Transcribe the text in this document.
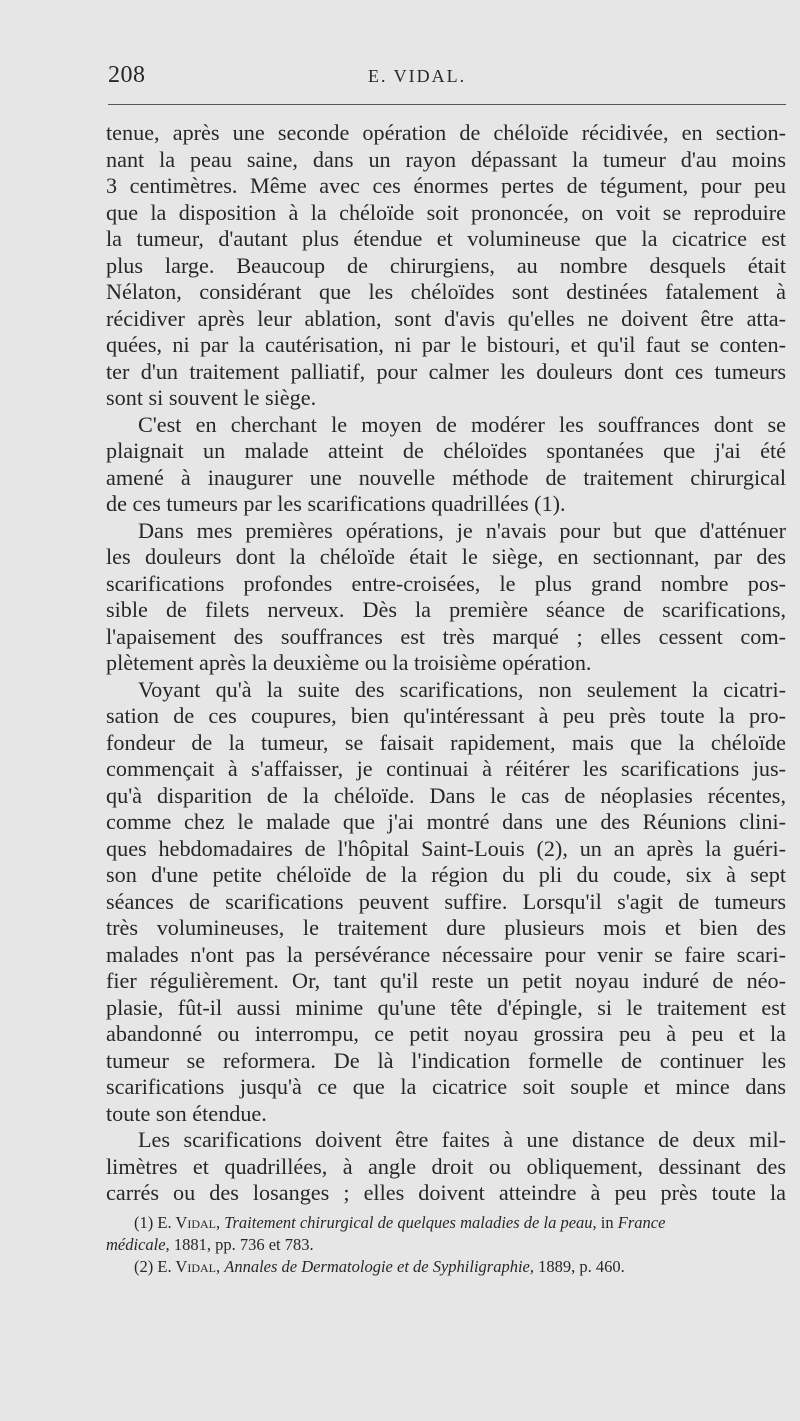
208	E. VIDAL.

tenue, après une seconde opération de chéloïde récidivée, en section-
nant la peau saine, dans un rayon dépassant la tumeur d'au moins
3 centimètres. Même avec ces énormes pertes de tégument, pour peu
que la disposition à la chéloïde soit prononcée, on voit se reproduire
la tumeur, d'autant plus étendue et volumineuse que la cicatrice est
plus large. Beaucoup de chirurgiens, au nombre desquels était
Nélaton, considérant que les chéloïdes sont destinées fatalement à
récidiver après leur ablation, sont d'avis qu'elles ne doivent être atta-
quées, ni par la cautérisation, ni par le bistouri, et qu'il faut se conten-
ter d'un traitement palliatif, pour calmer les douleurs dont ces tumeurs
sont si souvent le siège.

C'est en cherchant le moyen de modérer les souffrances dont se
plaignait un malade atteint de chéloïdes spontanées que j'ai été
amené à inaugurer une nouvelle méthode de traitement chirurgical
de ces tumeurs par les scarifications quadrillées (1).

Dans mes premières opérations, je n'avais pour but que d'atténuer
les douleurs dont la chéloïde était le siège, en sectionnant, par des
scarifications profondes entre-croisées, le plus grand nombre pos-
sible de filets nerveux. Dès la première séance de scarifications,
l'apaisement des souffrances est très marqué ; elles cessent com-
plètement après la deuxième ou la troisième opération.

Voyant qu'à la suite des scarifications, non seulement la cicatri-
sation de ces coupures, bien qu'intéressant à peu près toute la pro-
fondeur de la tumeur, se faisait rapidement, mais que la chéloïde
commençait à s'affaisser, je continuai à réitérer les scarifications jus-
qu'à disparition de la chéloïde. Dans le cas de néoplasies récentes,
comme chez le malade que j'ai montré dans une des Réunions clini-
ques hebdomadaires de l'hôpital Saint-Louis (2), un an après la guéri-
son d'une petite chéloïde de la région du pli du coude, six à sept
séances de scarifications peuvent suffire. Lorsqu'il s'agit de tumeurs
très volumineuses, le traitement dure plusieurs mois et bien des
malades n'ont pas la persévérance nécessaire pour venir se faire scari-
fier régulièrement. Or, tant qu'il reste un petit noyau induré de néo-
plasie, fût-il aussi minime qu'une tête d'épingle, si le traitement est
abandonné ou interrompu, ce petit noyau grossira peu à peu et la
tumeur se reformera. De là l'indication formelle de continuer les
scarifications jusqu'à ce que la cicatrice soit souple et mince dans
toute son étendue.

Les scarifications doivent être faites à une distance de deux mil-
limètres et quadrillées, à angle droit ou obliquement, dessinant des
carrés ou des losanges ; elles doivent atteindre à peu près toute la

(1) E. Vidal, Traitement chirurgical de quelques maladies de la peau, in France
médicale, 1881, pp. 736 et 783.

(2) E. Vidal, Annales de Dermatologie et de Syphiligraphie, 1889, p. 460.
